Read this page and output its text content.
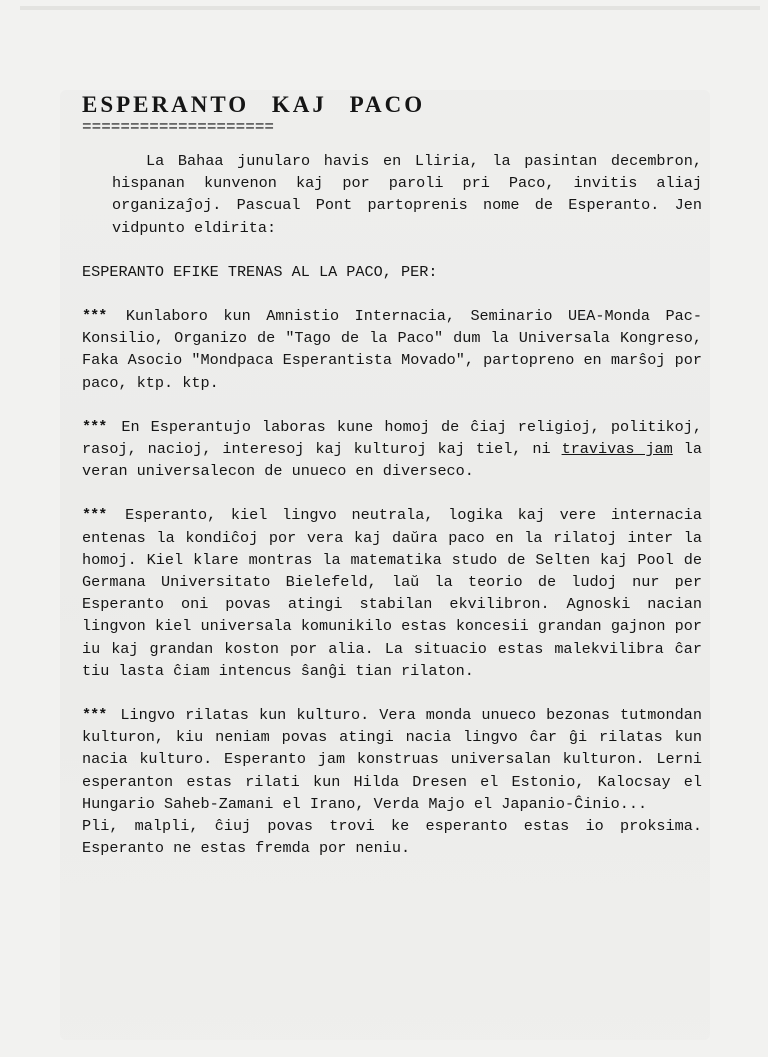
ESPERANTO KAJ PACO
====================

La Bahaa junularo havis en Lliria, la pasintan decembron, hispanan kunvenon kaj por paroli pri Paco, invitis aliaj organizaĵoj. Pascual Pont partoprenis nome de Esperanto. Jen vidpunto eldirita:

ESPERANTO EFIKE TRENAS AL LA PACO, PER:

*** Kunlaboro kun Amnistio Internacia, Seminario UEA-Monda Pac-Konsilio, Organizo de "Tago de la Paco" dum la Universala Kongreso, Faka Asocio "Mondpaca Esperantista Movado", partopreno en marŝoj por paco, ktp. ktp.

*** En Esperantujo laboras kune homoj de ĉiaj religioj, politikoj, rasoj, nacioj, interesoj kaj kulturoj kaj tiel, ni travivas jam la veran universalecon de unueco en diverseco.

*** Esperanto, kiel lingvo neutrala, logika kaj vere internacia entenas la kondiĉoj por vera kaj daŭra paco en la rilatoj inter la homoj. Kiel klare montras la matematika studo de Selten kaj Pool de Germana Universitato Bielefeld, laŭ la teorio de ludoj nur per Esperanto oni povas atingi stabilan ekvilibron. Agnoski nacian lingvon kiel universala komunikilo estas koncesii grandan gajnon por iu kaj grandan koston por alia. La situacio estas malekvilibra ĉar tiu lasta ĉiam intencus ŝanĝi tian rilaton.

*** Lingvo rilatas kun kulturo. Vera monda unueco bezonas tutmondan kulturon, kiu neniam povas atingi nacia lingvo ĉar ĝi rilatas kun nacia kulturo. Esperanto jam konstruas universalan kulturon. Lerni esperanton estas rilati kun Hilda Dresen el Estonio, Kalocsay el Hungario Saheb-Zamani el Irano, Verda Majo el Japanio-Ĉinio...

Pli, malpli, ĉiuj povas trovi ke esperanto estas io proksima. Esperanto ne estas fremda por neniu.
